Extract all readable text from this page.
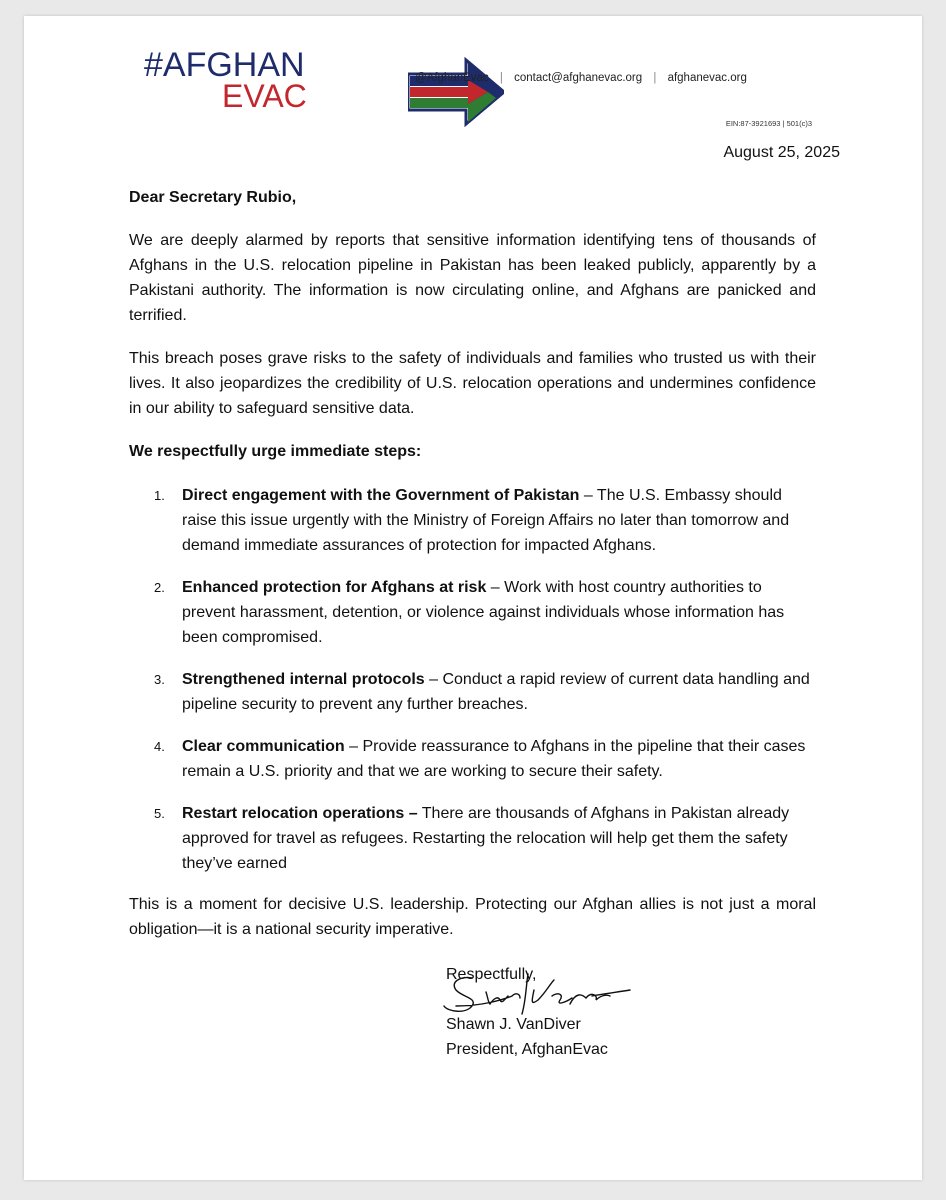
#AFGHAN
EVAC	@AfghanEvac | contact@afghanevac.org | afghanevac.org
EIN:87-3921693 | 501(c)3
August 25, 2025

Dear Secretary Rubio,

We are deeply alarmed by reports that sensitive information identifying tens of thousands of Afghans in the U.S. relocation pipeline in Pakistan has been leaked publicly, apparently by a Pakistani authority. The information is now circulating online, and Afghans are panicked and terrified.

This breach poses grave risks to the safety of individuals and families who trusted us with their lives. It also jeopardizes the credibility of U.S. relocation operations and undermines confidence in our ability to safeguard sensitive data.

We respectfully urge immediate steps:

1. Direct engagement with the Government of Pakistan – The U.S. Embassy should raise this issue urgently with the Ministry of Foreign Affairs no later than tomorrow and demand immediate assurances of protection for impacted Afghans.
2. Enhanced protection for Afghans at risk – Work with host country authorities to prevent harassment, detention, or violence against individuals whose information has been compromised.
3. Strengthened internal protocols – Conduct a rapid review of current data handling and pipeline security to prevent any further breaches.
4. Clear communication – Provide reassurance to Afghans in the pipeline that their cases remain a U.S. priority and that we are working to secure their safety.
5. Restart relocation operations – There are thousands of Afghans in Pakistan already approved for travel as refugees. Restarting the relocation will help get them the safety they’ve earned

This is a moment for decisive U.S. leadership. Protecting our Afghan allies is not just a moral obligation—it is a national security imperative.

Respectfully,
Shawn J. VanDiver
President, AfghanEvac
